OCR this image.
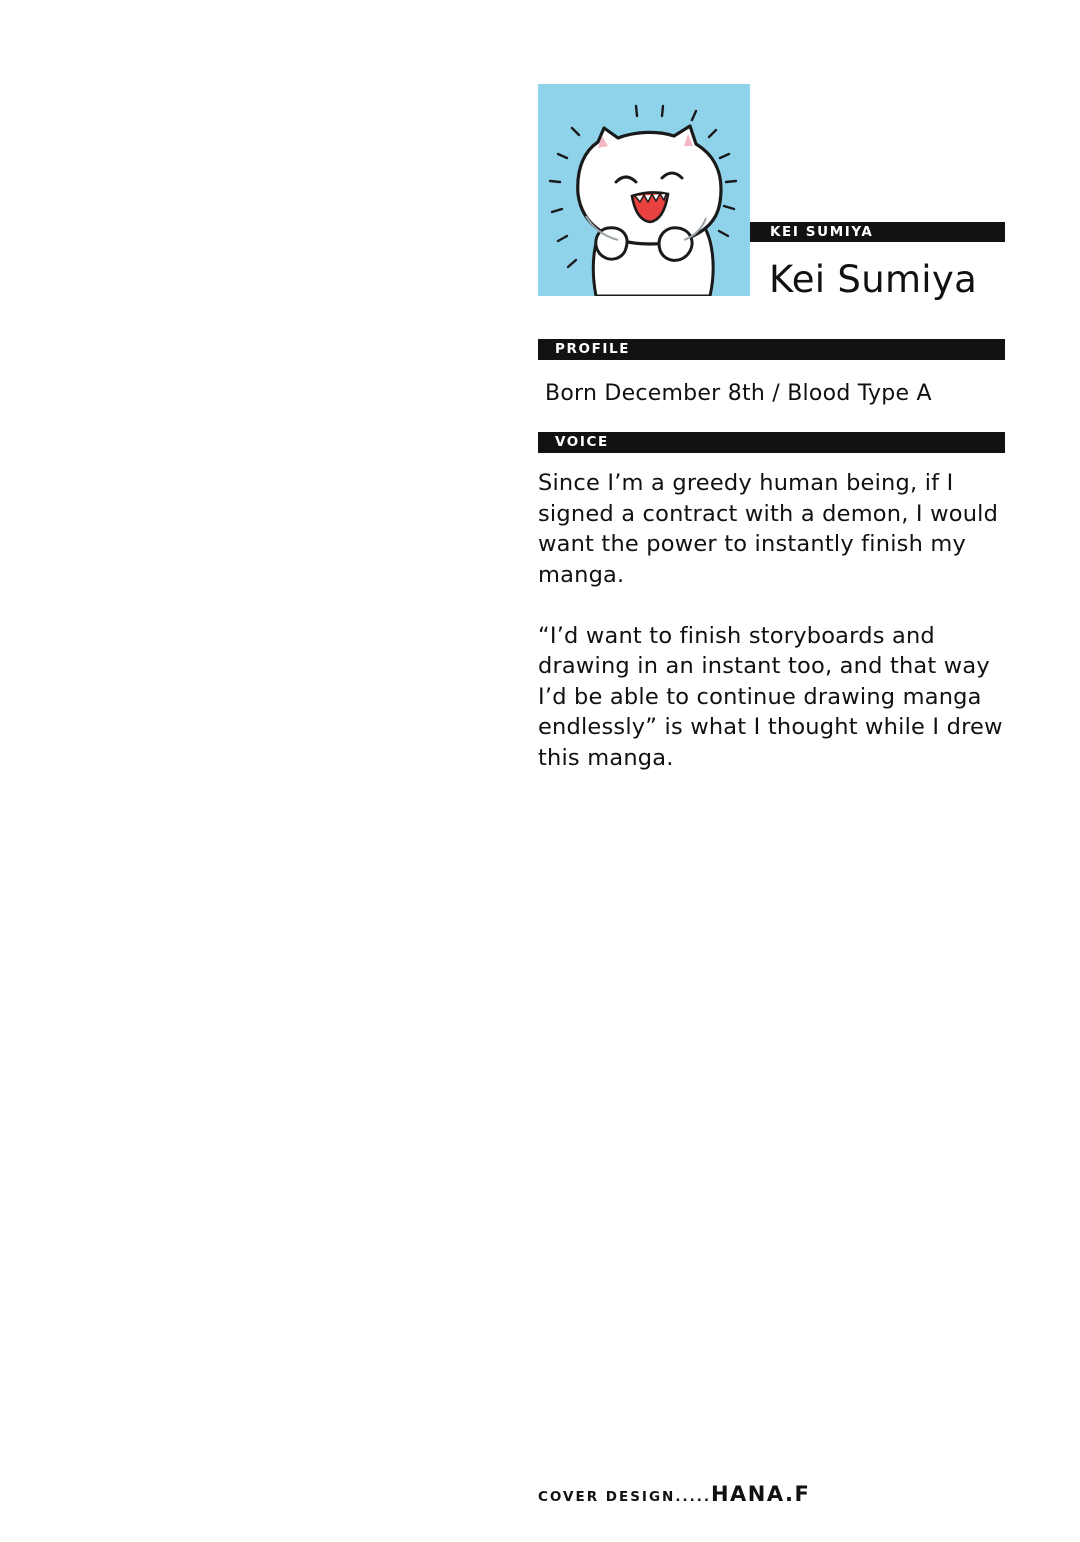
KEI SUMIYA
Kei Sumiya
PROFILE
Born December 8th / Blood Type A
VOICE

Since I’m a greedy human being, if I signed a contract with a demon, I would want the power to instantly finish my manga.

“I’d want to finish storyboards and drawing in an instant too, and that way I’d be able to continue drawing manga endlessly” is what I thought while I drew this manga.

COVER DESIGN.....HANA.F
